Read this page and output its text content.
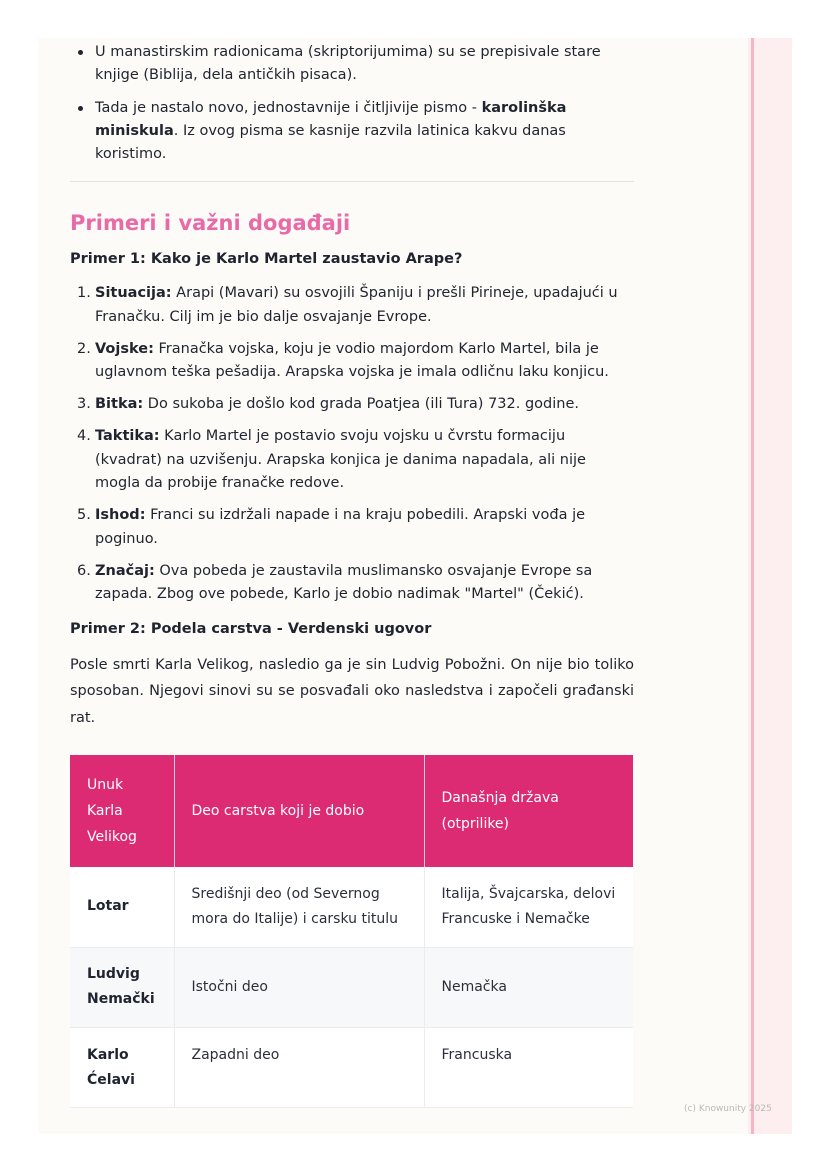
U manastirskim radionicama (skriptorijumima) su se prepisivale stare knjige (Biblija, dela antičkih pisaca).
Tada je nastalo novo, jednostavnije i čitljivije pismo - karolinška miniskula. Iz ovog pisma se kasnije razvila latinica kakvu danas koristimo.
Primeri i važni događaji
Primer 1: Kako je Karlo Martel zaustavio Arape?
1. Situacija: Arapi (Mavari) su osvojili Španiju i prešli Pirineje, upadajući u Franačku. Cilj im je bio dalje osvajanje Evrope.
2. Vojske: Franačka vojska, koju je vodio majordom Karlo Martel, bila je uglavnom teška pešadija. Arapska vojska je imala odličnu laku konjicu.
3. Bitka: Do sukoba je došlo kod grada Poatjea (ili Tura) 732. godine.
4. Taktika: Karlo Martel je postavio svoju vojsku u čvrstu formaciju (kvadrat) na uzvišenju. Arapska konjica je danima napadala, ali nije mogla da probije franačke redove.
5. Ishod: Franci su izdržali napade i na kraju pobedili. Arapski vođa je poginuo.
6. Značaj: Ova pobeda je zaustavila muslimansko osvajanje Evrope sa zapada. Zbog ove pobede, Karlo je dobio nadimak "Martel" (Čekić).
Primer 2: Podela carstva - Verdenski ugovor

Posle smrti Karla Velikog, nasledio ga je sin Ludvig Pobožni. On nije bio toliko sposoban. Njegovi sinovi su se posvađali oko nasledstva i započeli građanski rat.

Unuk Karla Velikog	Deo carstva koji je dobio	Današnja država (otprilike)
Lotar	Središnji deo (od Severnog mora do Italije) i carsku titulu	Italija, Švajcarska, delovi Francuske i Nemačke
Ludvig Nemački	Istočni deo	Nemačka
Karlo Ćelavi	Zapadni deo	Francuska
(c) Knowunity 2025
